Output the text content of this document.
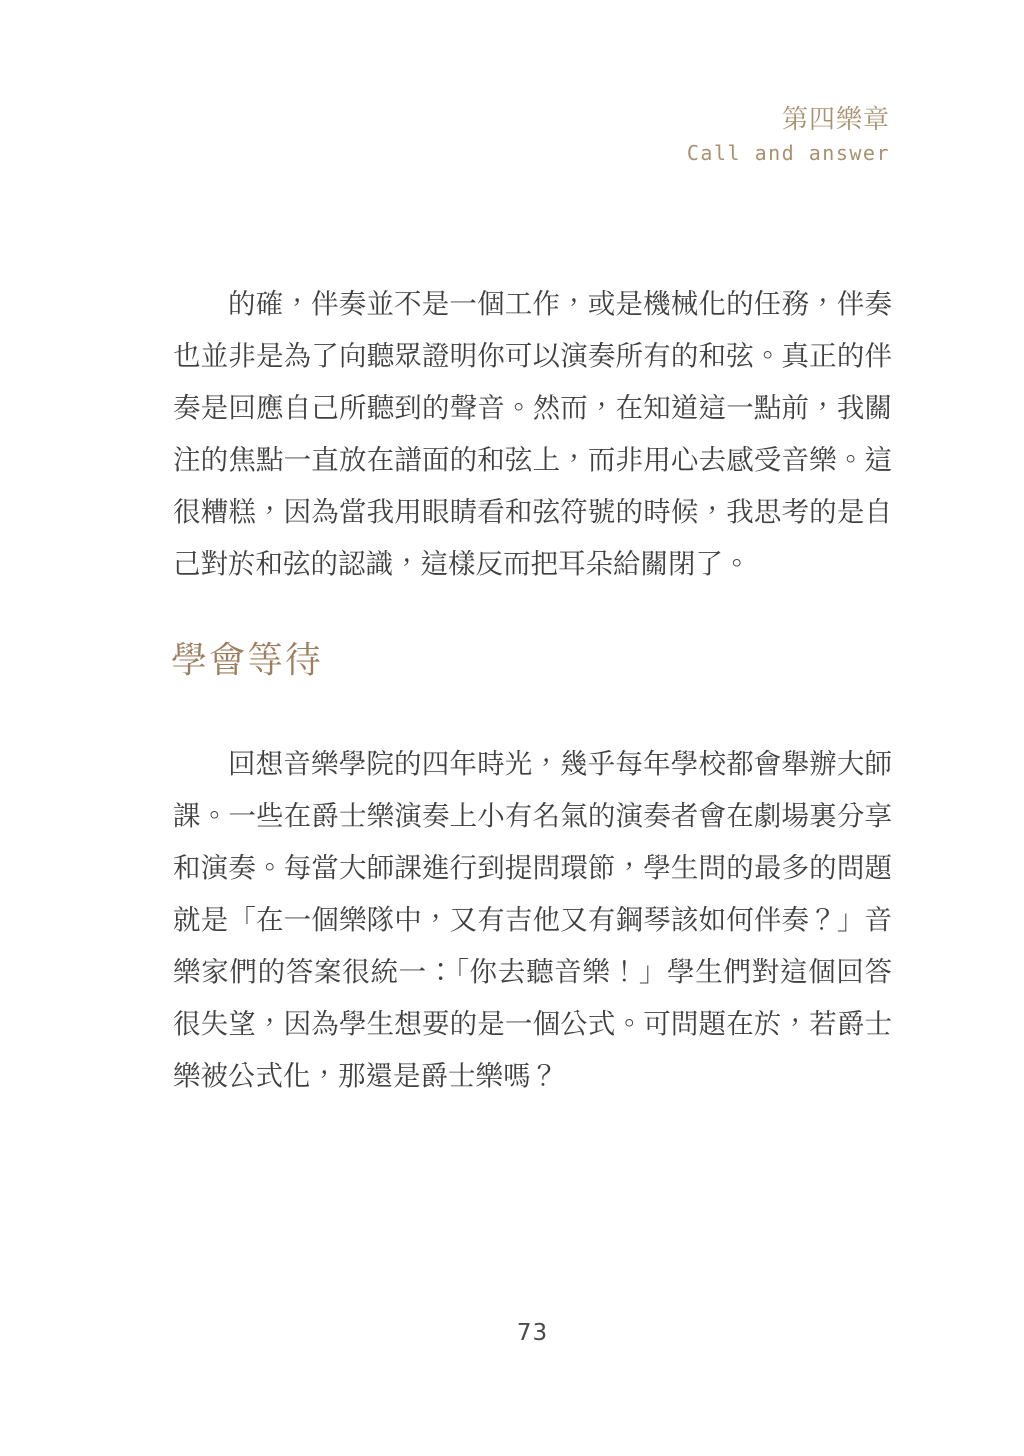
第四樂章
Call and answer

的確，伴奏並不是一個工作，或是機械化的任務，伴奏也並非是為了向聽眾證明你可以演奏所有的和弦。真正的伴奏是回應自己所聽到的聲音。然而，在知道這一點前，我關注的焦點一直放在譜面的和弦上，而非用心去感受音樂。這很糟糕，因為當我用眼睛看和弦符號的時候，我思考的是自己對於和弦的認識，這樣反而把耳朵給關閉了。

學會等待

回想音樂學院的四年時光，幾乎每年學校都會舉辦大師課。一些在爵士樂演奏上小有名氣的演奏者會在劇場裏分享和演奏。每當大師課進行到提問環節，學生問的最多的問題就是「在一個樂隊中，又有吉他又有鋼琴該如何伴奏？」音樂家們的答案很統一：「你去聽音樂！」學生們對這個回答很失望，因為學生想要的是一個公式。可問題在於，若爵士樂被公式化，那還是爵士樂嗎？

73
